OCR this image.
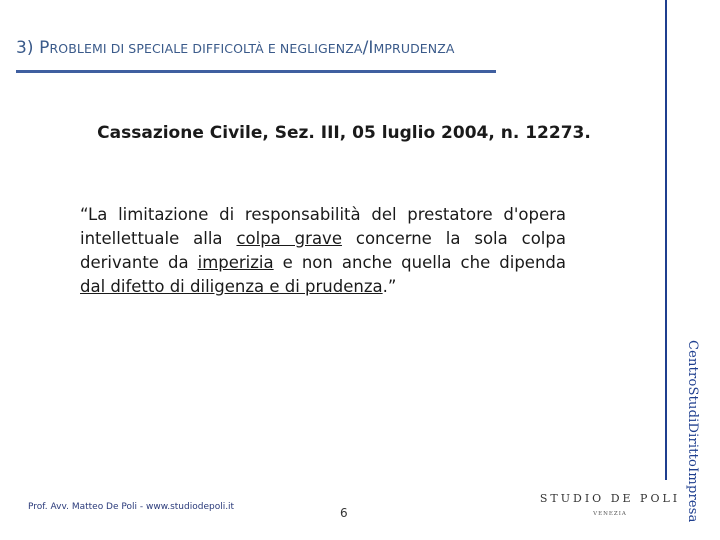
3) PROBLEMI DI SPECIALE DIFFICOLTÀ E NEGLIGENZA/IMPRUDENZA
Cassazione Civile, Sez. III, 05 luglio 2004, n. 12273.
“La limitazione di responsabilità del prestatore d'opera intellettuale alla colpa grave concerne la sola colpa derivante da imperizia e non anche quella che dipenda dal difetto di diligenza e di prudenza.”
CentroStudiDirittoImpresa
Prof. Avv. Matteo De Poli - www.studiodepoli.it	6
STUDIO DE POLI
VENEZIA
